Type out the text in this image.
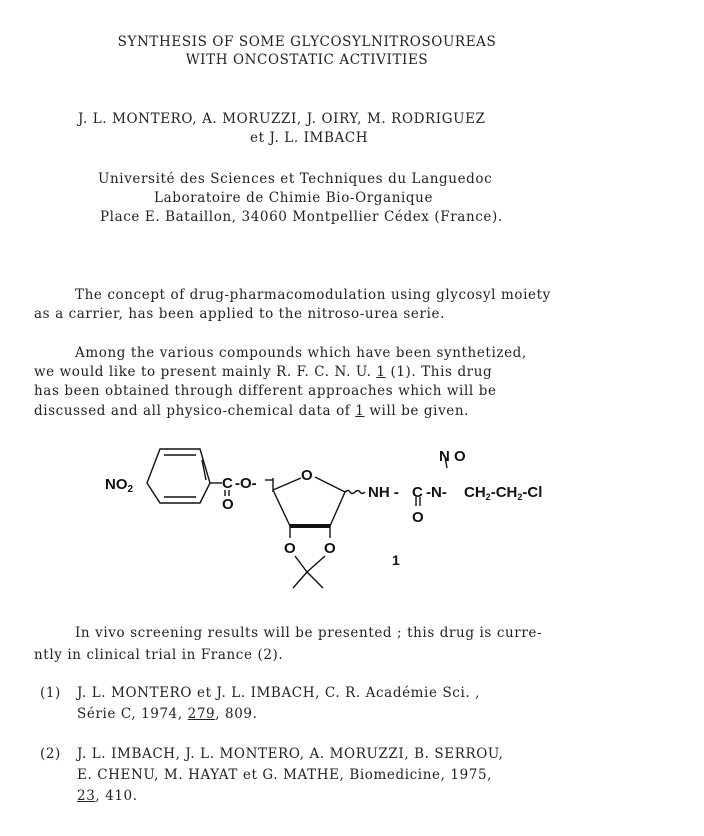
SYNTHESIS OF SOME GLYCOSYLNITROSOUREAS
WITH ONCOSTATIC ACTIVITIES
J. L. MONTERO, A. MORUZZI, J. OIRY, M. RODRIGUEZ
et J. L. IMBACH
Université des Sciences et Techniques du Languedoc
Laboratoire de Chimie Bio-Organique
Place E. Bataillon, 34060 Montpellier Cédex (France).
The concept of drug-pharmacomodulation using glycosyl moiety
as a carrier, has been applied to the nitroso-urea serie.
Among the various compounds which have been synthetized,
we would like to present mainly R. F. C. N. U. 1 (1). This drug
has been obtained through different approaches which will be
discussed and all physico-chemical data of 1 will be given.
$NO_2$	C -O-
O
O
NH - C -N- $CH_2-CH_2-Cl$
N O
O
O O
1
In vivo screening results will be presented ; this drug is curre-
ntly in clinical trial in France (2).
(1) J. L. MONTERO et J. L. IMBACH, C. R. Académie Sci. ,
Série C, 1974, 279, 809.
(2) J. L. IMBACH, J. L. MONTERO, A. MORUZZI, B. SERROU,
E. CHENU, M. HAYAT et G. MATHE, Biomedicine, 1975,
23, 410.
